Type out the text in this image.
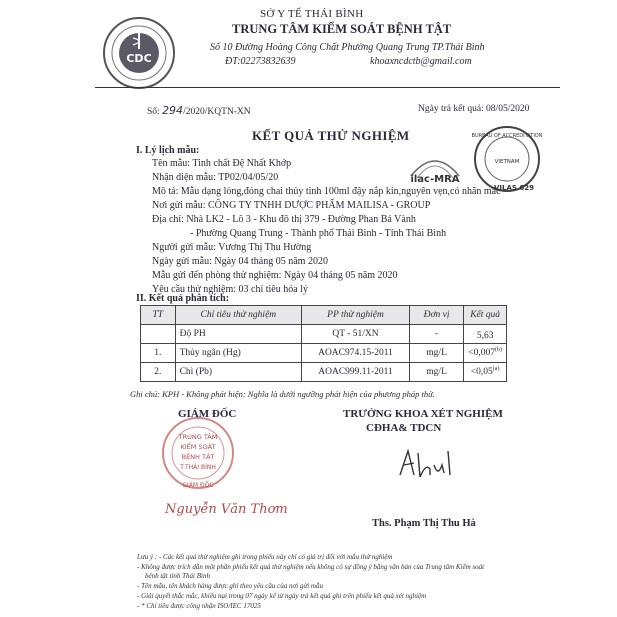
CDC
SỞ Y TẾ THÁI BÌNH
TRUNG TÂM KIỂM SOÁT BỆNH TẬT
Số 10 Đường Hoàng Công Chất Phường Quang Trung TP.Thái Bình
ĐT:02273832639	khoaxncdctb@gmail.com
Số: 294/2020/KQTN-XN	Ngày trả kết quả: 08/05/2020
KẾT QUẢ THỬ NGHIỆM
ilac-MRA
BUREAU OF ACCREDITATION
VIETNAM
VILAS 629
I. Lý lịch mẫu:
Tên mẫu: Tinh chất Đệ Nhất Khớp
Nhận diện mẫu: TP02/04/05/20
Mô tả: Mẫu dạng lỏng,đóng chai thủy tinh 100ml đậy nắp kín,nguyên vẹn,có nhãn mác
Nơi gửi mẫu: CÔNG TY TNHH DƯỢC PHẨM MAILISA - GROUP
Địa chỉ: Nhà LK2 - Lô 3 - Khu đô thị 379 - Đường Phan Bá Vành
- Phường Quang Trung - Thành phố Thái Bình - Tỉnh Thái Bình
Người gửi mẫu: Vương Thị Thu Hường
Ngày gửi mẫu: Ngày 04 tháng 05 năm 2020
Mẫu gửi đến phòng thử nghiệm: Ngày 04 tháng 05 năm 2020
Yêu cầu thử nghiệm: 03 chỉ tiêu hóa lý
II. Kết quả phân tích:
TT	Chỉ tiêu thử nghiệm	PP thử nghiệm	Đơn vị	Kết quả
	Độ PH	QT - 51/XN	-	5,63
1.	Thủy ngân (Hg)	AOAC974.15-2011	mg/L	$<0,007^{(b)}$
2.	Chì (Pb)	AOAC999.11-2011	mg/L	$<0,05^{(a)}$
Ghi chú: KPH - Không phát hiện: Nghĩa là dưới ngưỡng phát hiện của phương pháp thử.
GIÁM ĐỐC
TRUNG TÂM
KIỂM SOÁT
BỆNH TẬT
T.THÁI BÌNH
GIÁM ĐỐC
Nguyễn Văn Thơm
TRƯỞNG KHOA XÉT NGHIỆM
CĐHA& TDCN
Ths. Phạm Thị Thu Hà
Lưu ý : - Các kết quả thử nghiệm ghi trong phiếu này chỉ có giá trị đối với mẫu thử nghiệm
- Không được trích dẫn một phần phiếu kết quả thử nghiệm nếu không có sự đồng ý bằng văn bản của Trung tâm Kiểm soát
bệnh tật tỉnh Thái Bình
- Tên mẫu, tên khách hàng được ghi theo yêu cầu của nơi gửi mẫu
- Giải quyết thắc mắc, khiếu nại trong 07 ngày kể từ ngày trả kết quả ghi trên phiếu kết quả xét nghiệm
- * Chỉ tiêu được công nhận ISO/IEC 17025
